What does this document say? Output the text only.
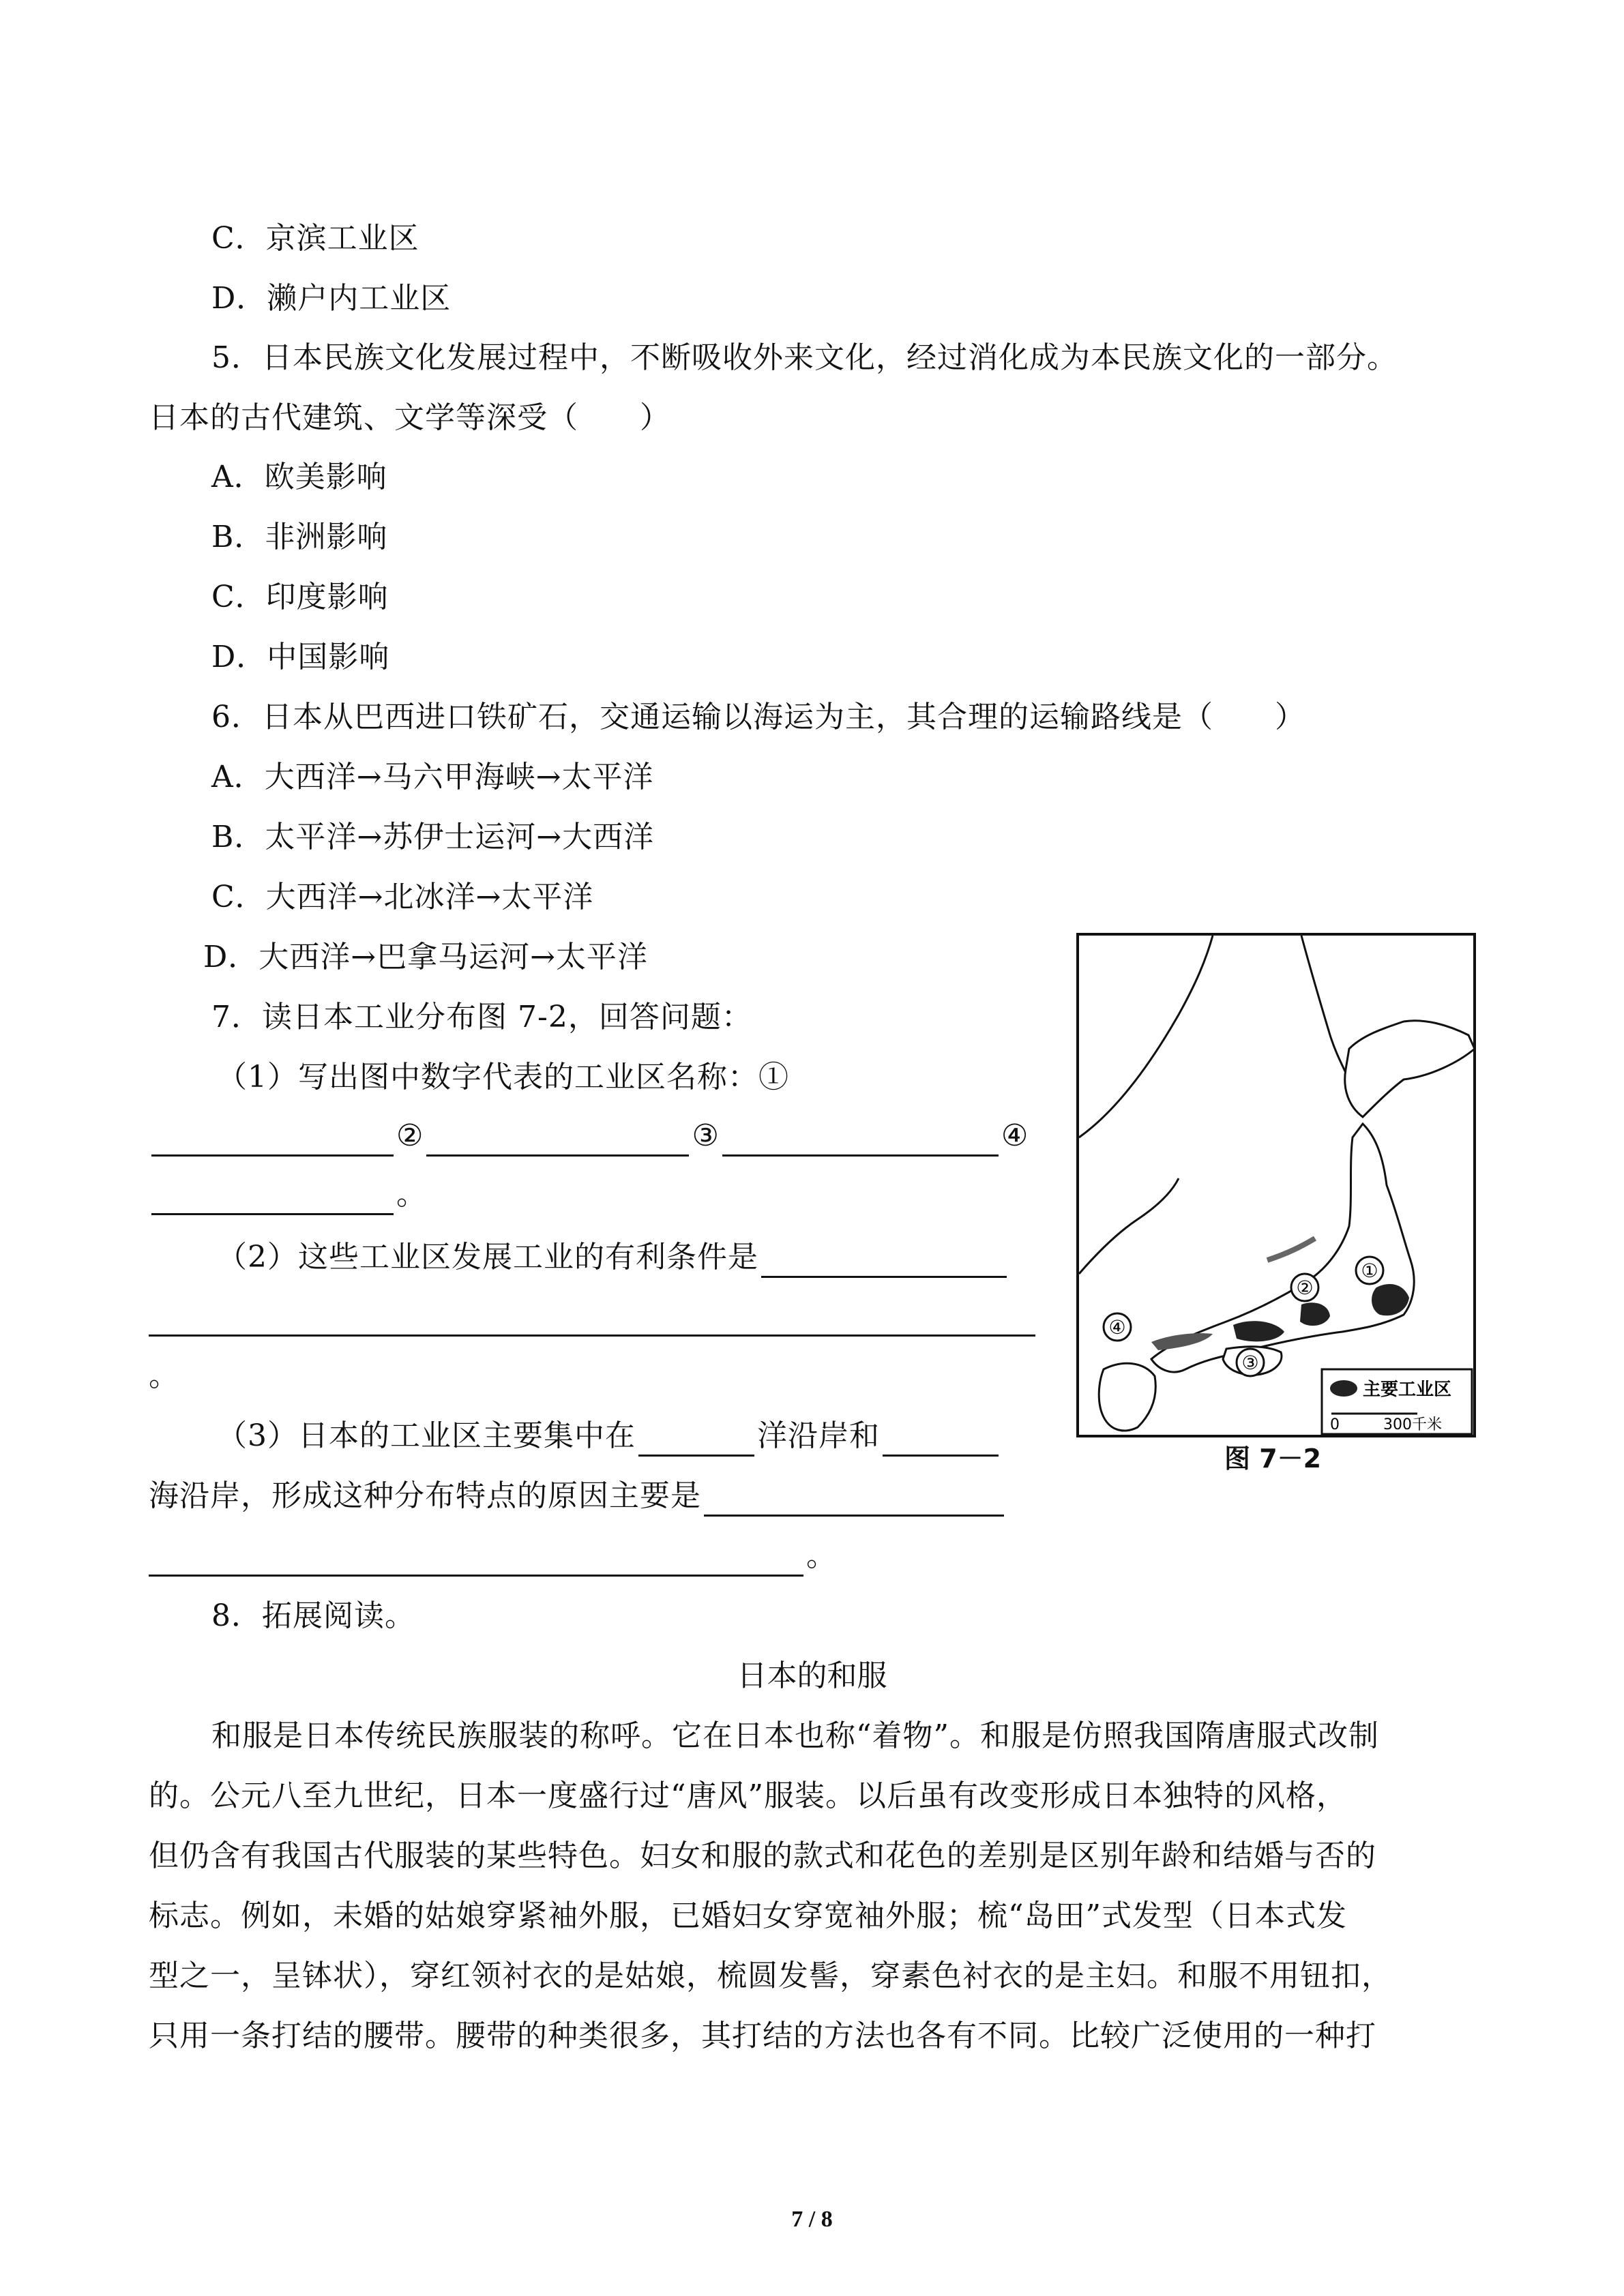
C．京滨工业区
D．濑户内工业区
5．日本民族文化发展过程中，不断吸收外来文化，经过消化成为本民族文化的一部分。
日本的古代建筑、文学等深受（　　）
A．欧美影响
B．非洲影响
C．印度影响
D．中国影响
6．日本从巴西进口铁矿石，交通运输以海运为主，其合理的运输路线是（　　）
A．大西洋→马六甲海峡→太平洋
B．太平洋→苏伊士运河→大西洋
C．大西洋→北冰洋→太平洋
D．大西洋→巴拿马运河→太平洋
7．读日本工业分布图 7-2，回答问题：
（1）写出图中数字代表的工业区名称：①
②	③	④
。
（2）这些工业区发展工业的有利条件是
。
（3）日本的工业区主要集中在	洋沿岸和
海沿岸，形成这种分布特点的原因主要是
。
①
②
③
④
主要工业区
0	300千米
图 7－2
8．拓展阅读。
日本的和服
和服是日本传统民族服装的称呼。它在日本也称“着物”。和服是仿照我国隋唐服式改制
的。公元八至九世纪，日本一度盛行过“唐风”服装。以后虽有改变形成日本独特的风格，
但仍含有我国古代服装的某些特色。妇女和服的款式和花色的差别是区别年龄和结婚与否的
标志。例如，未婚的姑娘穿紧袖外服，已婚妇女穿宽袖外服；梳“岛田”式发型（日本式发
型之一，呈钵状），穿红领衬衣的是姑娘，梳圆发髻，穿素色衬衣的是主妇。和服不用钮扣，
只用一条打结的腰带。腰带的种类很多，其打结的方法也各有不同。比较广泛使用的一种打
7 / 8
